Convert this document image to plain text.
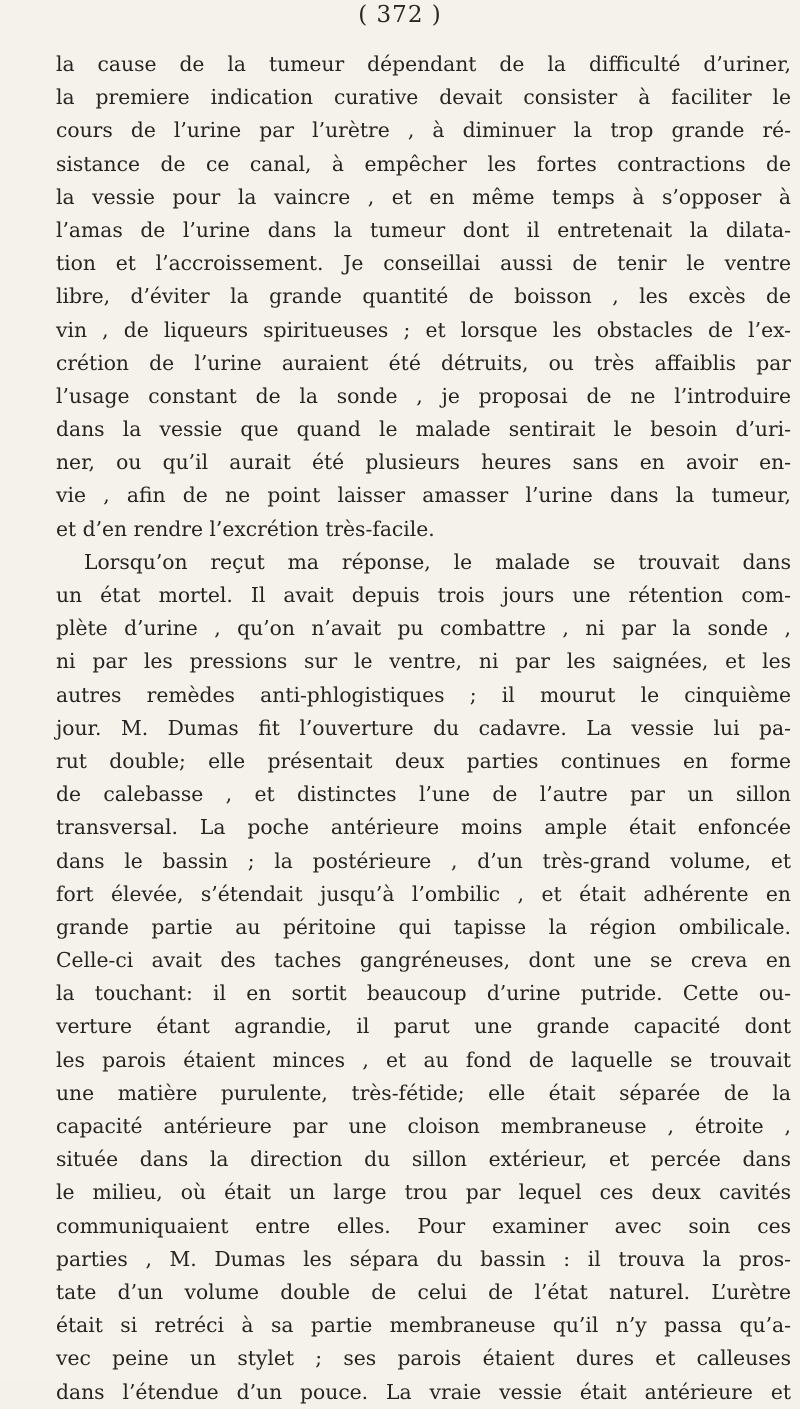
( 372 )
la cause de la tumeur dépendant de la difficulté d’uriner,
la premiere indication curative devait consister à faciliter le
cours de l’urine par l’urètre , à diminuer la trop grande ré-
sistance de ce canal, à empêcher les fortes contractions de
la vessie pour la vaincre , et en même temps à s’opposer à
l’amas de l’urine dans la tumeur dont il entretenait la dilata-
tion et l’accroissement. Je conseillai aussi de tenir le ventre
libre, d’éviter la grande quantité de boisson , les excès de
vin , de liqueurs spiritueuses ; et lorsque les obstacles de l’ex-
crétion de l’urine auraient été détruits, ou très affaiblis par
l’usage constant de la sonde , je proposai de ne l’introduire
dans la vessie que quand le malade sentirait le besoin d’uri-
ner, ou qu’il aurait été plusieurs heures sans en avoir en-
vie , afin de ne point laisser amasser l’urine dans la tumeur,
et d’en rendre l’excrétion très-facile.
Lorsqu’on reçut ma réponse, le malade se trouvait dans
un état mortel. Il avait depuis trois jours une rétention com-
plète d’urine , qu’on n’avait pu combattre , ni par la sonde ,
ni par les pressions sur le ventre, ni par les saignées, et les
autres remèdes anti-phlogistiques ; il mourut le cinquième
jour. M. Dumas fit l’ouverture du cadavre. La vessie lui pa-
rut double; elle présentait deux parties continues en forme
de calebasse , et distinctes l’une de l’autre par un sillon
transversal. La poche antérieure moins ample était enfoncée
dans le bassin ; la postérieure , d’un très-grand volume, et
fort élevée, s’étendait jusqu’à l’ombilic , et était adhérente en
grande partie au péritoine qui tapisse la région ombilicale.
Celle-ci avait des taches gangréneuses, dont une se creva en
la touchant: il en sortit beaucoup d’urine putride. Cette ou-
verture étant agrandie, il parut une grande capacité dont
les parois étaient minces , et au fond de laquelle se trouvait
une matière purulente, très-fétide; elle était séparée de la
capacité antérieure par une cloison membraneuse , étroite ,
située dans la direction du sillon extérieur, et percée dans
le milieu, où était un large trou par lequel ces deux cavités
communiquaient entre elles. Pour examiner avec soin ces
parties , M. Dumas les sépara du bassin : il trouva la pros-
tate d’un volume double de celui de l’état naturel. L’urètre
était si retréci à sa partie membraneuse qu’il n’y passa qu’a-
vec peine un stylet ; ses parois étaient dures et calleuses
dans l’étendue d’un pouce. La vraie vessie était antérieure et
